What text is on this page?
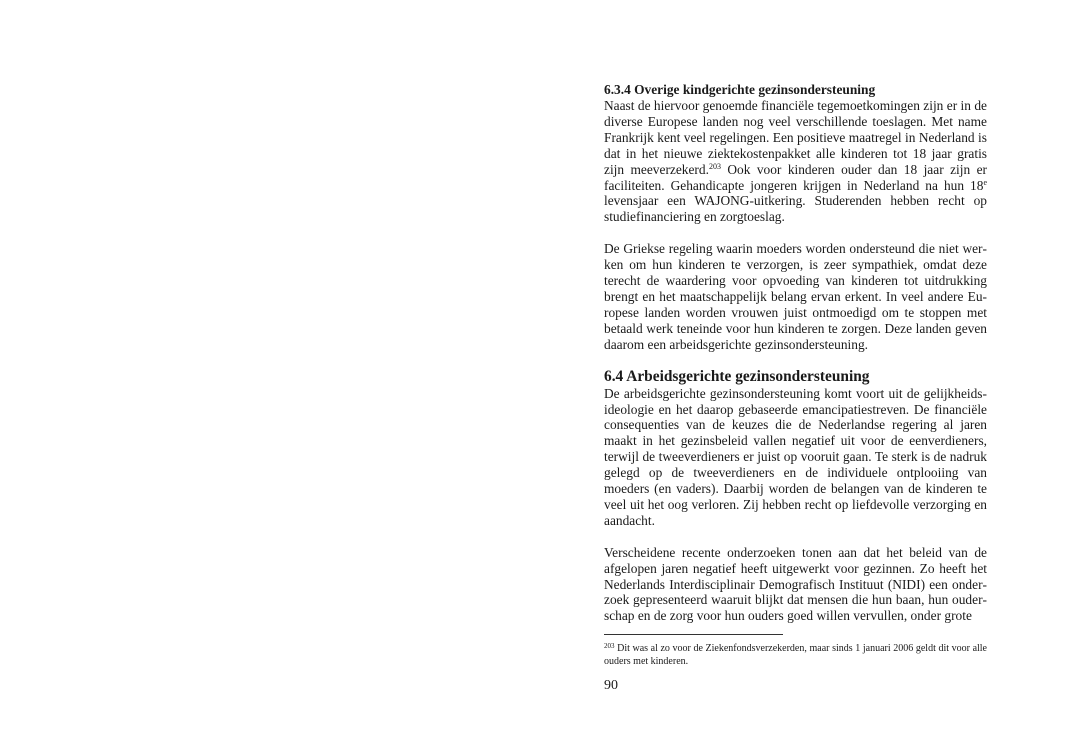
6.3.4 Overige kindgerichte gezinsondersteuning

Naast de hiervoor genoemde financiële tegemoetkomingen zijn er in de diverse Europese landen nog veel verschillende toeslagen. Met name Frankrijk kent veel regelingen. Een positieve maatregel in Nederland is dat in het nieuwe ziektekostenpakket alle kinderen tot 18 jaar gratis zijn meeverzekerd.$^{203}$ Ook voor kinderen ouder dan 18 jaar zijn er faciliteiten. Gehandicapte jongeren krijgen in Nederland na hun 18e levensjaar een WAJONG-uitkering. Studerenden hebben recht op studiefinanciering en zorgtoeslag.

De Griekse regeling waarin moeders worden ondersteund die niet werken om hun kinderen te verzorgen, is zeer sympathiek, omdat deze terecht de waardering voor opvoeding van kinderen tot uitdrukking brengt en het maatschappelijk belang ervan erkent. In veel andere Europese landen worden vrouwen juist ontmoedigd om te stoppen met betaald werk teneinde voor hun kinderen te zorgen. Deze landen geven daarom een arbeidsgerichte gezinsondersteuning.

6.4 Arbeidsgerichte gezinsondersteuning

De arbeidsgerichte gezinsondersteuning komt voort uit de gelijkheidsideologie en het daarop gebaseerde emancipatiestreven. De financiële consequenties van de keuzes die de Nederlandse regering al jaren maakt in het gezinsbeleid vallen negatief uit voor de eenverdieners, terwijl de tweeverdieners er juist op vooruit gaan. Te sterk is de nadruk gelegd op de tweeverdieners en de individuele ontplooiing van moeders (en vaders). Daarbij worden de belangen van de kinderen te veel uit het oog verloren. Zij hebben recht op liefdevolle verzorging en aandacht.

Verscheidene recente onderzoeken tonen aan dat het beleid van de afgelopen jaren negatief heeft uitgewerkt voor gezinnen. Zo heeft het Nederlands Interdisciplinair Demografisch Instituut (NIDI) een onderzoek gepresenteerd waaruit blijkt dat mensen die hun baan, hun ouderschap en de zorg voor hun ouders goed willen vervullen, onder grote

$^{203}$ Dit was al zo voor de Ziekenfondsverzekerden, maar sinds 1 januari 2006 geldt dit voor alle ouders met kinderen.

90
